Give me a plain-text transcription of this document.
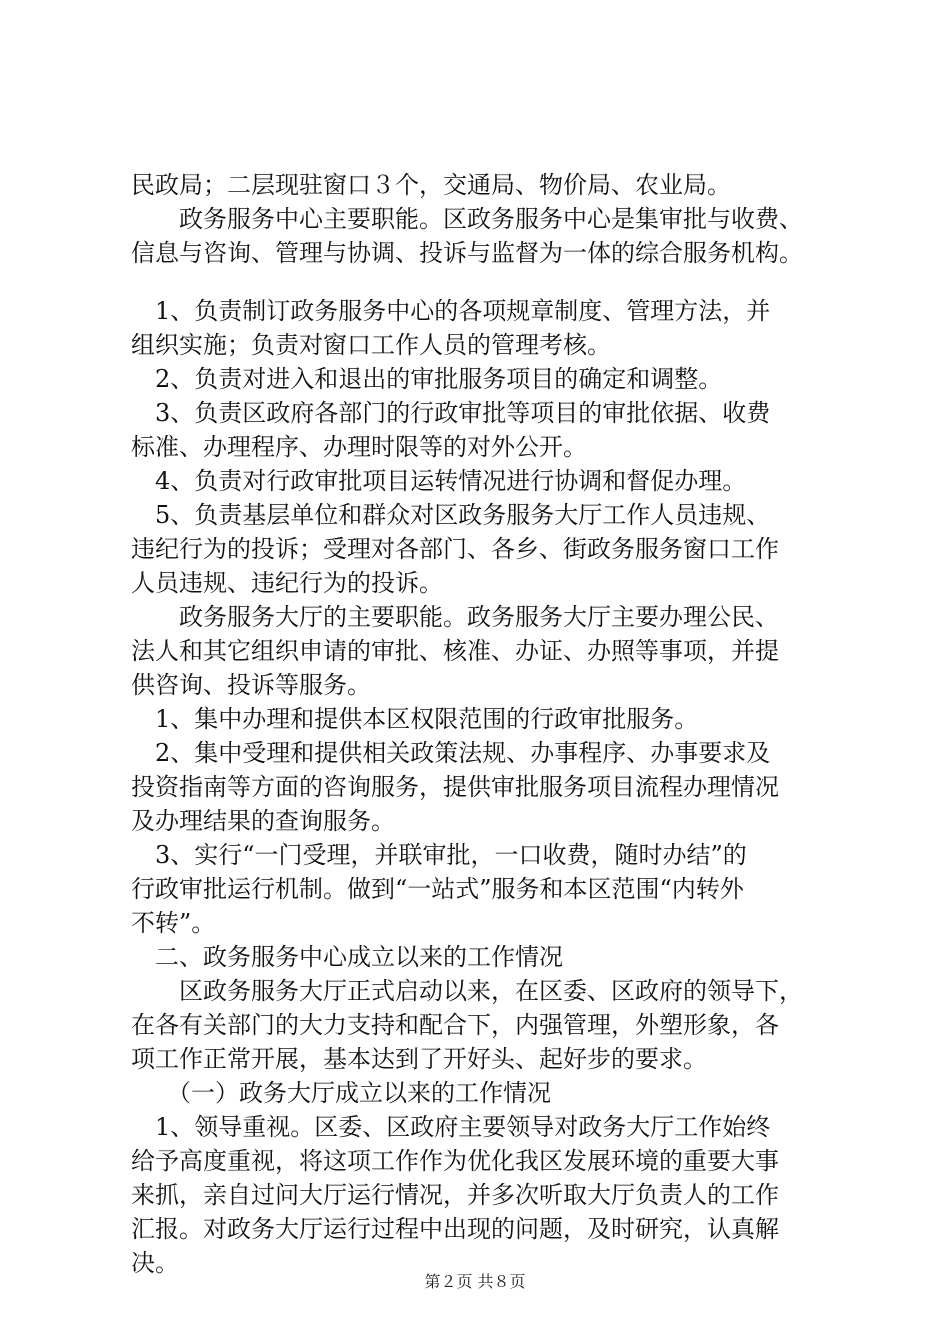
民政局；二层现驻窗口３个，交通局、物价局、农业局。
　　政务服务中心主要职能。区政务服务中心是集审批与收费、
信息与咨询、管理与协调、投诉与监督为一体的综合服务机构。
　1、负责制订政务服务中心的各项规章制度、管理方法，并
组织实施；负责对窗口工作人员的管理考核。
　2、负责对进入和退出的审批服务项目的确定和调整。
　3、负责区政府各部门的行政审批等项目的审批依据、收费
标准、办理程序、办理时限等的对外公开。
　4、负责对行政审批项目运转情况进行协调和督促办理。
　5、负责基层单位和群众对区政务服务大厅工作人员违规、
违纪行为的投诉；受理对各部门、各乡、街政务服务窗口工作
人员违规、违纪行为的投诉。
　　政务服务大厅的主要职能。政务服务大厅主要办理公民、
法人和其它组织申请的审批、核准、办证、办照等事项，并提
供咨询、投诉等服务。
　1、集中办理和提供本区权限范围的行政审批服务。
　2、集中受理和提供相关政策法规、办事程序、办事要求及
投资指南等方面的咨询服务，提供审批服务项目流程办理情况
及办理结果的查询服务。
　3、实行“一门受理，并联审批，一口收费，随时办结”的
行政审批运行机制。做到“一站式”服务和本区范围“内转外
不转”。
　二、政务服务中心成立以来的工作情况
　　区政务服务大厅正式启动以来，在区委、区政府的领导下，
在各有关部门的大力支持和配合下，内强管理，外塑形象，各
项工作正常开展，基本达到了开好头、起好步的要求。
　　（一）政务大厅成立以来的工作情况
　1、领导重视。区委、区政府主要领导对政务大厅工作始终
给予高度重视，将这项工作作为优化我区发展环境的重要大事
来抓，亲自过问大厅运行情况，并多次听取大厅负责人的工作
汇报。对政务大厅运行过程中出现的问题，及时研究，认真解
决。
第２页 共８页
